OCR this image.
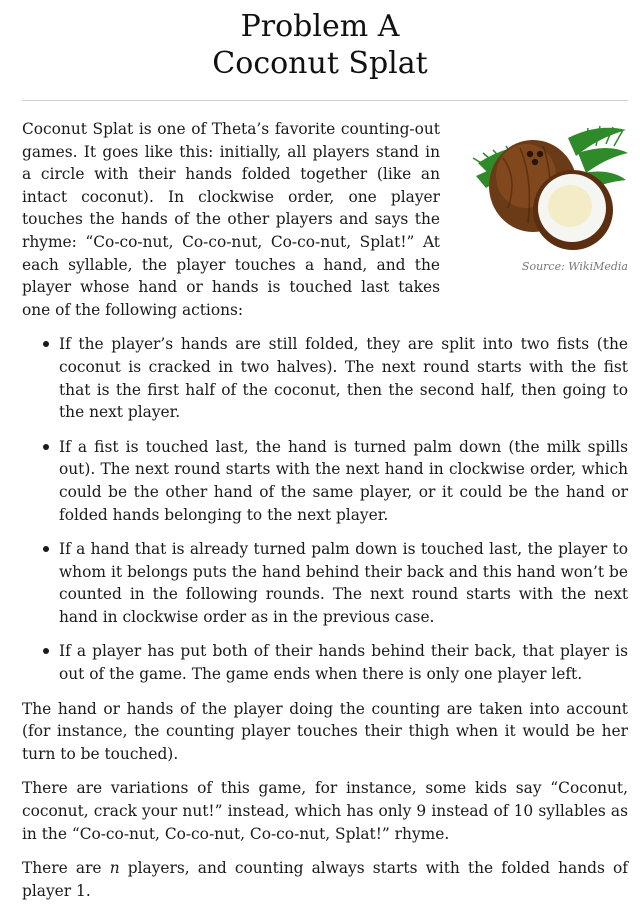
Problem A
Coconut Splat
Source: WikiMedia

Coconut Splat is one of Theta’s favorite counting-out games. It goes like this: initially, all players stand in a circle with their hands folded together (like an intact coconut). In clockwise order, one player touches the hands of the other players and says the rhyme: “Co-co-nut, Co-co-nut, Co-co-nut, Splat!” At each syllable, the player touches a hand, and the player whose hand or hands is touched last takes one of the following actions:

If the player’s hands are still folded, they are split into two fists (the coconut is cracked in two halves). The next round starts with the fist that is the first half of the coconut, then the second half, then going to the next player.
If a fist is touched last, the hand is turned palm down (the milk spills out). The next round starts with the next hand in clockwise order, which could be the other hand of the same player, or it could be the hand or folded hands belonging to the next player.
If a hand that is already turned palm down is touched last, the player to whom it belongs puts the hand behind their back and this hand won’t be counted in the following rounds. The next round starts with the next hand in clockwise order as in the previous case.
If a player has put both of their hands behind their back, that player is out of the game. The game ends when there is only one player left.

The hand or hands of the player doing the counting are taken into account (for instance, the counting player touches their thigh when it would be her turn to be touched).

There are variations of this game, for instance, some kids say “Coconut, coconut, crack your nut!” instead, which has only 9 instead of 10 syllables as in the “Co-co-nut, Co-co-nut, Co-co-nut, Splat!” rhyme.

There are n players, and counting always starts with the folded hands of player 1.
